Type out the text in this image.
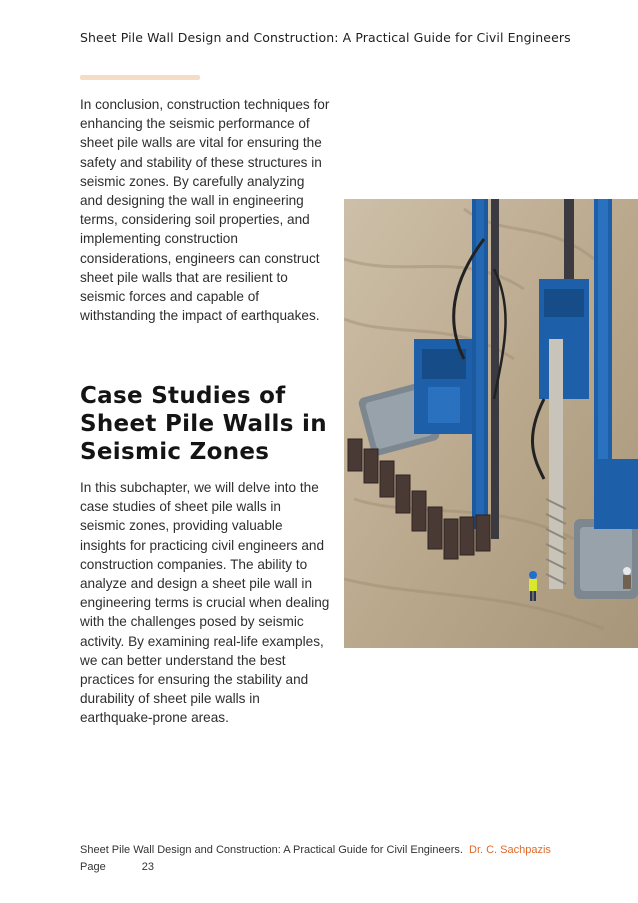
Sheet Pile Wall Design and Construction: A Practical Guide for Civil Engineers

In conclusion, construction techniques for enhancing the seismic performance of sheet pile walls are vital for ensuring the safety and stability of these structures in seismic zones. By carefully analyzing and designing the wall in engineering terms, considering soil properties, and implementing construction considerations, engineers can construct sheet pile walls that are resilient to seismic forces and capable of withstanding the impact of earthquakes.

Case Studies of Sheet Pile Walls in Seismic Zones

In this subchapter, we will delve into the case studies of sheet pile walls in seismic zones, providing valuable insights for practicing civil engineers and construction companies. The ability to analyze and design a sheet pile wall in engineering terms is crucial when dealing with the challenges posed by seismic activity. By examining real-life examples, we can better understand the best practices for ensuring the stability and durability of sheet pile walls in earthquake-prone areas.

Sheet Pile Wall Design and Construction: A Practical Guide for Civil Engineers. Dr. C. Sachpazis
Page	23
